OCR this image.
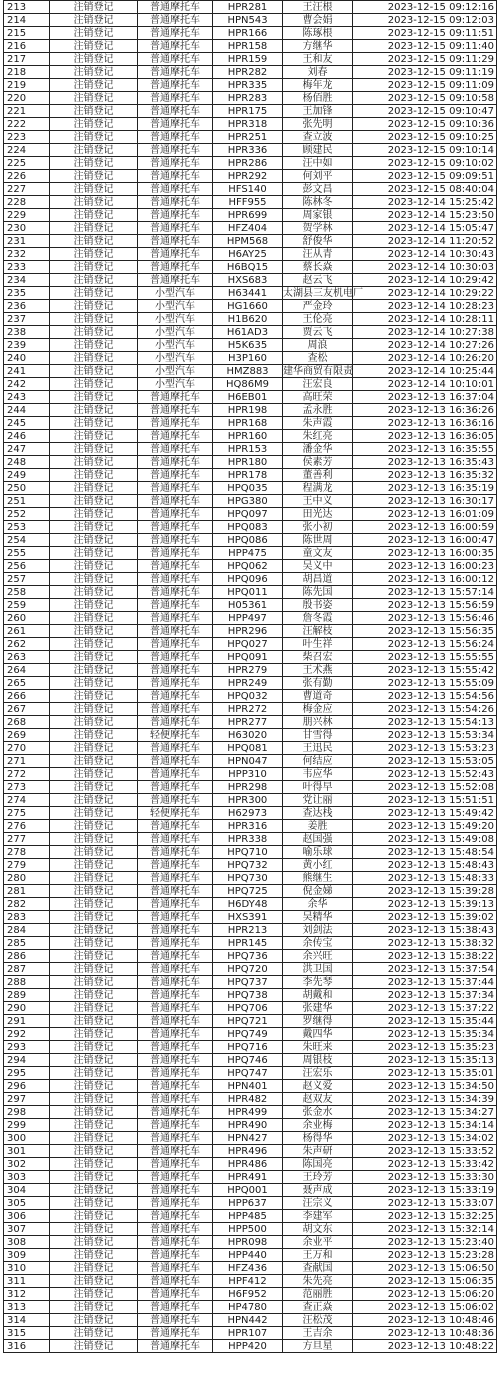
213	注销登记	普通摩托车	HPR281	王汪根	2023-12-15 09:12:16
214	注销登记	普通摩托车	HPN543	曹会娟	2023-12-15 09:12:03
215	注销登记	普通摩托车	HPR166	陈琢根	2023-12-15 09:11:51
216	注销登记	普通摩托车	HPR158	方继华	2023-12-15 09:11:40
217	注销登记	普通摩托车	HPR159	王和友	2023-12-15 09:11:29
218	注销登记	普通摩托车	HPR282	刘春	2023-12-15 09:11:19
219	注销登记	普通摩托车	HPR335	梅年龙	2023-12-15 09:11:09
220	注销登记	普通摩托车	HPR283	杨佰胜	2023-12-15 09:10:58
221	注销登记	普通摩托车	HPR175	王加锋	2023-12-15 09:10:47
222	注销登记	普通摩托车	HPR318	张先明	2023-12-15 09:10:36
223	注销登记	普通摩托车	HPR251	查立波	2023-12-15 09:10:25
224	注销登记	普通摩托车	HPR336	顾建民	2023-12-15 09:10:14
225	注销登记	普通摩托车	HPR286	汪中如	2023-12-15 09:10:02
226	注销登记	普通摩托车	HPR292	何刘平	2023-12-15 09:09:51
227	注销登记	普通摩托车	HFS140	彭文昌	2023-12-15 08:40:04
228	注销登记	普通摩托车	HFF955	陈林冬	2023-12-14 15:25:42
229	注销登记	普通摩托车	HPR699	周家银	2023-12-14 15:23:50
230	注销登记	普通摩托车	HFZ404	贺学林	2023-12-14 15:05:47
231	注销登记	普通摩托车	HPM568	舒俊华	2023-12-14 11:20:52
232	注销登记	普通摩托车	H6AY25	汪从青	2023-12-14 10:30:43
233	注销登记	普通摩托车	H6BQ15	蔡长焱	2023-12-14 10:30:03
234	注销登记	普通摩托车	HXS683	赵云飞	2023-12-14 10:29:42
235	注销登记	小型汽车	H63441	太湖县三友机电厂	2023-12-14 10:29:22
236	注销登记	小型汽车	HG1660	严金玲	2023-12-14 10:28:23
237	注销登记	小型汽车	H1B620	王伦亮	2023-12-14 10:28:11
238	注销登记	小型汽车	H61AD3	贾云飞	2023-12-14 10:27:38
239	注销登记	小型汽车	H5K635	周浪	2023-12-14 10:27:26
240	注销登记	小型汽车	H3P160	查松	2023-12-14 10:26:20
241	注销登记	小型汽车	HMZ883	建华商贸有限责	2023-12-14 10:25:44
242	注销登记	小型汽车	HQ86M9	汪宏良	2023-12-14 10:10:01
243	注销登记	普通摩托车	H6EB01	高旺荣	2023-12-13 16:37:04
244	注销登记	普通摩托车	HPR198	孟永胜	2023-12-13 16:36:26
245	注销登记	普通摩托车	HPR168	朱声霞	2023-12-13 16:36:16
246	注销登记	普通摩托车	HPR160	朱红亮	2023-12-13 16:36:05
247	注销登记	普通摩托车	HPR153	潘金华	2023-12-13 16:35:55
248	注销登记	普通摩托车	HPR180	侯素芳	2023-12-13 16:35:43
249	注销登记	普通摩托车	HPR178	董善利	2023-12-13 16:35:32
250	注销登记	普通摩托车	HPQ035	程满龙	2023-12-13 16:35:19
251	注销登记	普通摩托车	HPG380	王中义	2023-12-13 16:30:17
252	注销登记	普通摩托车	HPQ097	田光达	2023-12-13 16:01:09
253	注销登记	普通摩托车	HPQ083	张小初	2023-12-13 16:00:59
254	注销登记	普通摩托车	HPQ086	陈世周	2023-12-13 16:00:47
255	注销登记	普通摩托车	HPP475	童文友	2023-12-13 16:00:35
256	注销登记	普通摩托车	HPQ062	吴义中	2023-12-13 16:00:23
257	注销登记	普通摩托车	HPQ096	胡昌道	2023-12-13 16:00:12
258	注销登记	普通摩托车	HPQ011	陈先国	2023-12-13 15:57:14
259	注销登记	普通摩托车	H05361	殷书姿	2023-12-13 15:56:59
260	注销登记	普通摩托车	HPP497	詹冬霞	2023-12-13 15:56:46
261	注销登记	普通摩托车	HPR296	汪解枝	2023-12-13 15:56:35
262	注销登记	普通摩托车	HPQ027	叶生祥	2023-12-13 15:56:24
263	注销登记	普通摩托车	HPQ091	柴召宏	2023-12-13 15:55:55
264	注销登记	普通摩托车	HPR279	王术燕	2023-12-13 15:55:42
265	注销登记	普通摩托车	HPR249	张有勤	2023-12-13 15:55:09
266	注销登记	普通摩托车	HPQ032	曹道奇	2023-12-13 15:54:56
267	注销登记	普通摩托车	HPR272	梅金应	2023-12-13 15:54:26
268	注销登记	普通摩托车	HPR277	朋兴林	2023-12-13 15:54:13
269	注销登记	轻便摩托车	H63020	甘雪得	2023-12-13 15:53:34
270	注销登记	普通摩托车	HPQ081	王迅民	2023-12-13 15:53:23
271	注销登记	普通摩托车	HPN047	何结应	2023-12-13 15:53:05
272	注销登记	普通摩托车	HPP310	韦应华	2023-12-13 15:52:43
273	注销登记	普通摩托车	HPR298	叶得早	2023-12-13 15:52:08
274	注销登记	普通摩托车	HPR300	党让丽	2023-12-13 15:51:51
275	注销登记	轻便摩托车	H62973	查达栈	2023-12-13 15:49:42
276	注销登记	普通摩托车	HPR316	姜胜	2023-12-13 15:49:20
277	注销登记	普通摩托车	HPR338	赵国强	2023-12-13 15:49:08
278	注销登记	普通摩托车	HPQ710	喻乐球	2023-12-13 15:48:54
279	注销登记	普通摩托车	HPQ732	黄小红	2023-12-13 15:48:43
280	注销登记	普通摩托车	HPQ730	熊继生	2023-12-13 15:48:33
281	注销登记	普通摩托车	HPQ725	倪金娣	2023-12-13 15:39:28
282	注销登记	普通摩托车	H6DY48	余华	2023-12-13 15:39:13
283	注销登记	普通摩托车	HXS391	吴精华	2023-12-13 15:39:02
284	注销登记	普通摩托车	HPR213	刘剑法	2023-12-13 15:38:43
285	注销登记	普通摩托车	HPR145	余传宝	2023-12-13 15:38:32
286	注销登记	普通摩托车	HPQ736	余兴旺	2023-12-13 15:38:22
287	注销登记	普通摩托车	HPQ720	洪卫国	2023-12-13 15:37:54
288	注销登记	普通摩托车	HPQ737	李先琴	2023-12-13 15:37:44
289	注销登记	普通摩托车	HPQ738	胡戴和	2023-12-13 15:37:34
290	注销登记	普通摩托车	HPQ706	张建华	2023-12-13 15:37:22
291	注销登记	普通摩托车	HPQ721	罗继得	2023-12-13 15:35:44
292	注销登记	普通摩托车	HPQ749	戴四华	2023-12-13 15:35:34
293	注销登记	普通摩托车	HPQ716	朱旺来	2023-12-13 15:35:23
294	注销登记	普通摩托车	HPQ746	周银枝	2023-12-13 15:35:13
295	注销登记	普通摩托车	HPQ747	汪宏乐	2023-12-13 15:35:01
296	注销登记	普通摩托车	HPN401	赵义爱	2023-12-13 15:34:50
297	注销登记	普通摩托车	HPR482	赵双友	2023-12-13 15:34:39
298	注销登记	普通摩托车	HPR499	张金水	2023-12-13 15:34:27
299	注销登记	普通摩托车	HPR490	余业梅	2023-12-13 15:34:14
300	注销登记	普通摩托车	HPN427	杨得华	2023-12-13 15:34:02
301	注销登记	普通摩托车	HPR496	朱声研	2023-12-13 15:33:52
302	注销登记	普通摩托车	HPR486	陈国亮	2023-12-13 15:33:42
303	注销登记	普通摩托车	HPR491	王玲芳	2023-12-13 15:33:30
304	注销登记	普通摩托车	HPQ001	聂声成	2023-12-13 15:33:19
305	注销登记	普通摩托车	HPP637	汪宗义	2023-12-13 15:33:07
306	注销登记	普通摩托车	HPP485	李建军	2023-12-13 15:32:25
307	注销登记	普通摩托车	HPP500	胡文东	2023-12-13 15:32:14
308	注销登记	普通摩托车	HPR098	余业平	2023-12-13 15:23:40
309	注销登记	普通摩托车	HPP440	王万和	2023-12-13 15:23:28
310	注销登记	普通摩托车	HFZ436	查献国	2023-12-13 15:06:50
311	注销登记	普通摩托车	HPF412	朱先亮	2023-12-13 15:06:35
312	注销登记	普通摩托车	H6F952	范丽胜	2023-12-13 15:06:20
313	注销登记	普通摩托车	HP4780	查正焱	2023-12-13 15:06:02
314	注销登记	普通摩托车	HPN442	汪松茂	2023-12-13 10:48:46
315	注销登记	普通摩托车	HPR107	王吉余	2023-12-13 10:48:36
316	注销登记	普通摩托车	HPP420	方旦星	2023-12-13 10:48:22
